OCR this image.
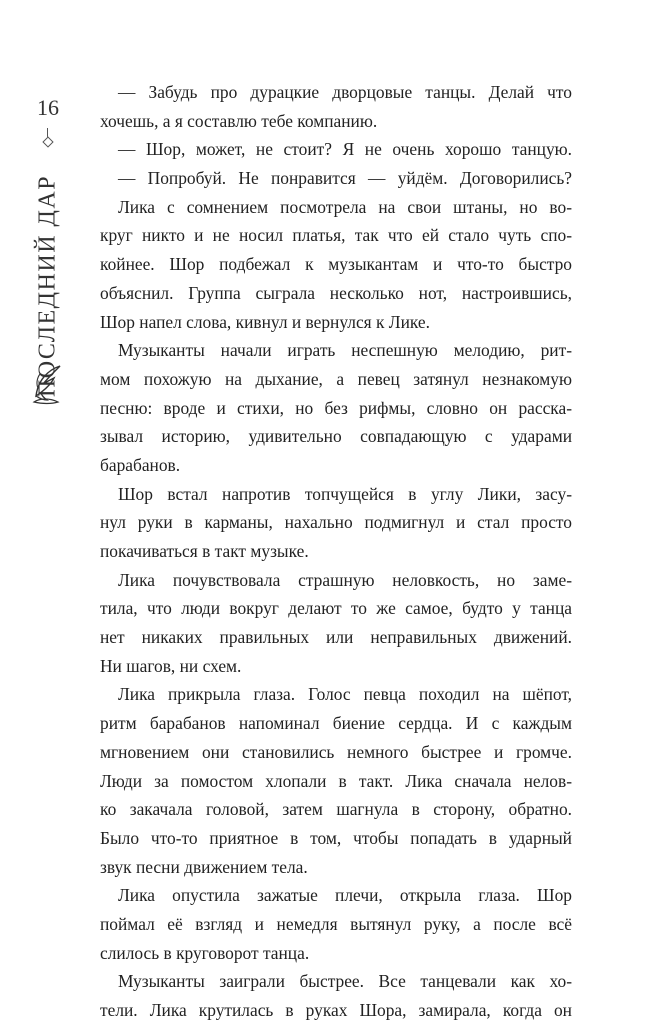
16
ПОСЛЕДНИЙ ДАР
— Забудь про дурацкие дворцовые танцы. Делай что
хочешь, а я составлю тебе компанию.
— Шор, может, не стоит? Я не очень хорошо танцую.
— Попробуй. Не понравится — уйдём. Договорились?
Лика с сомнением посмотрела на свои штаны, но во-
круг никто и не носил платья, так что ей стало чуть спо-
койнее. Шор подбежал к музыкантам и что-то быстро
объяснил. Группа сыграла несколько нот, настроившись,
Шор напел слова, кивнул и вернулся к Лике.
Музыканты начали играть неспешную мелодию, рит-
мом похожую на дыхание, а певец затянул незнакомую
песню: вроде и стихи, но без рифмы, словно он расска-
зывал историю, удивительно совпадающую с ударами
барабанов.
Шор встал напротив топчущейся в углу Лики, засу-
нул руки в карманы, нахально подмигнул и стал просто
покачиваться в такт музыке.
Лика почувствовала страшную неловкость, но заме-
тила, что люди вокруг делают то же самое, будто у танца
нет никаких правильных или неправильных движений.
Ни шагов, ни схем.
Лика прикрыла глаза. Голос певца походил на шёпот,
ритм барабанов напоминал биение сердца. И с каждым
мгновением они становились немного быстрее и громче.
Люди за помостом хлопали в такт. Лика сначала нелов-
ко закачала головой, затем шагнула в сторону, обратно.
Было что-то приятное в том, чтобы попадать в ударный
звук песни движением тела.
Лика опустила зажатые плечи, открыла глаза. Шор
поймал её взгляд и немедля вытянул руку, а после всё
слилось в круговорот танца.
Музыканты заиграли быстрее. Все танцевали как хо-
тели. Лика крутилась в руках Шора, замирала, когда он
